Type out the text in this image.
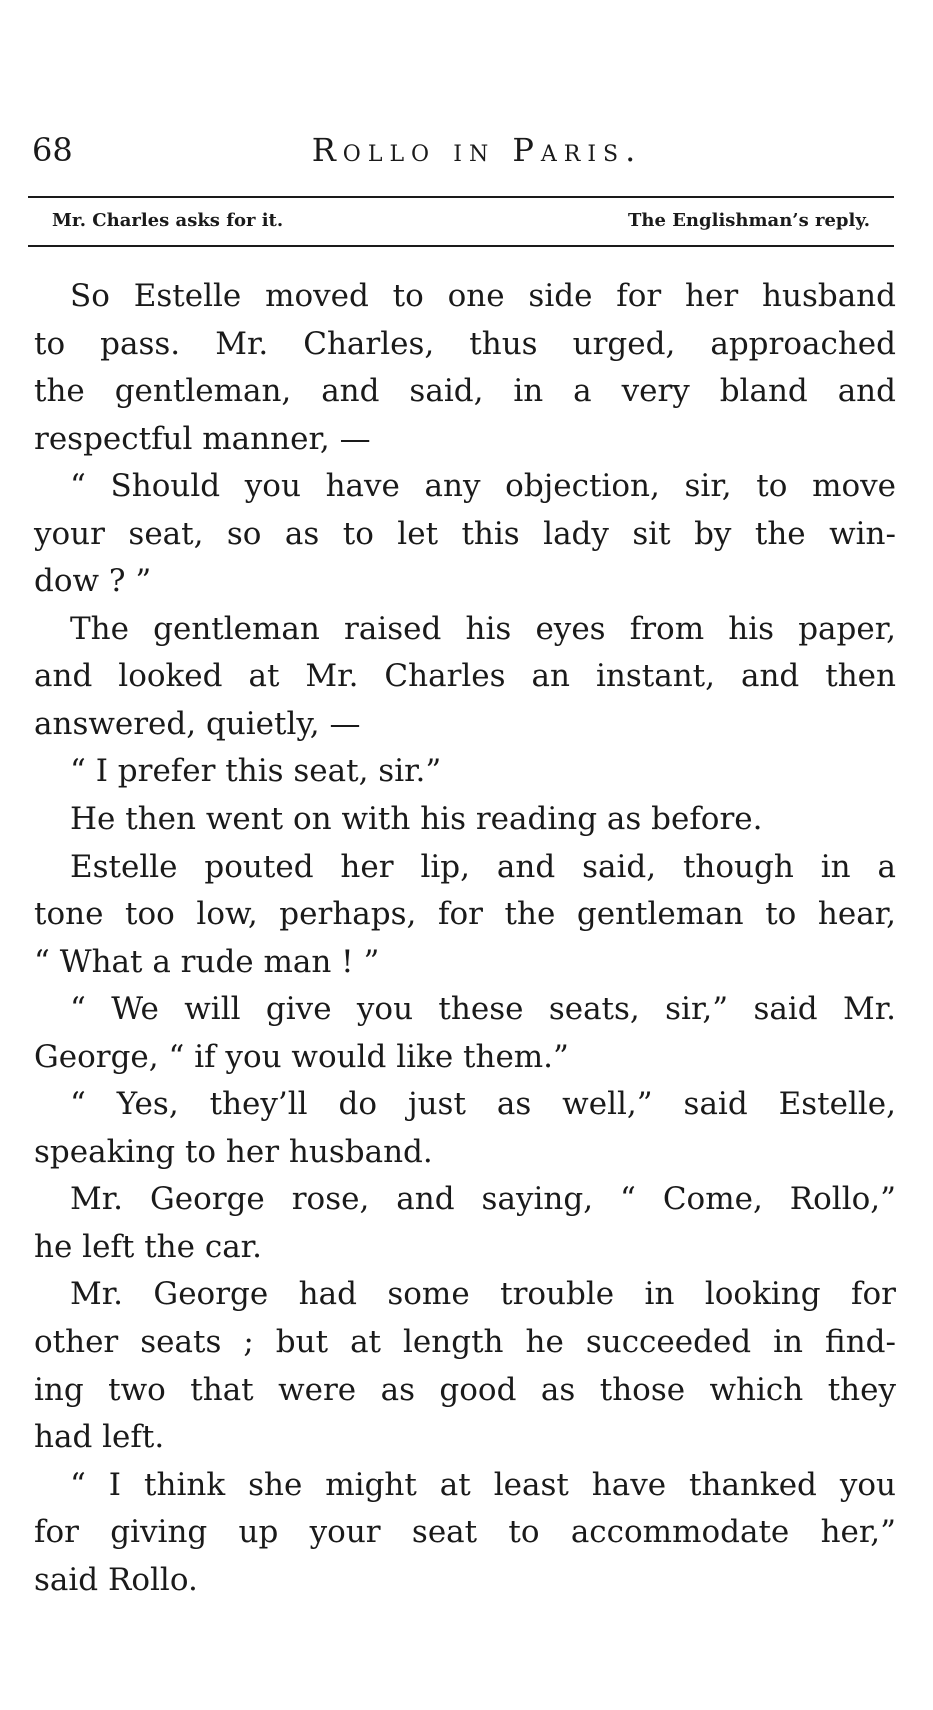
68	Rollo in Paris.
Mr. Charles asks for it.	The Englishman’s reply.
So Estelle moved to one side for her husband
to pass. Mr. Charles, thus urged, approached
the gentleman, and said, in a very bland and
respectful manner, —
“ Should you have any objection, sir, to move
your seat, so as to let this lady sit by the win-
dow ? ”
The gentleman raised his eyes from his paper,
and looked at Mr. Charles an instant, and then
answered, quietly, —
“ I prefer this seat, sir.”
He then went on with his reading as before.
Estelle pouted her lip, and said, though in a
tone too low, perhaps, for the gentleman to hear,
“ What a rude man ! ”
“ We will give you these seats, sir,” said Mr.
George, “ if you would like them.”
“ Yes, they’ll do just as well,” said Estelle,
speaking to her husband.
Mr. George rose, and saying, “ Come, Rollo,”
he left the car.
Mr. George had some trouble in looking for
other seats ; but at length he succeeded in find-
ing two that were as good as those which they
had left.
“ I think she might at least have thanked you
for giving up your seat to accommodate her,”
said Rollo.
